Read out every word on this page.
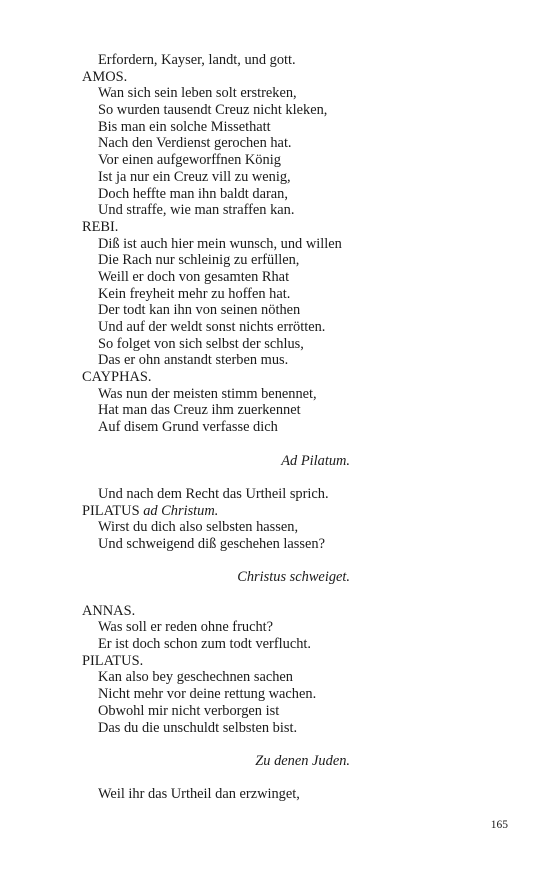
Erfordern, Kayser, landt, und gott.
AMOS.
Wan sich sein leben solt erstreken,
So wurden tausendt Creuz nicht kleken,
Bis man ein solche Missethatt
Nach den Verdienst gerochen hat.
Vor einen aufgeworffnen König
Ist ja nur ein Creuz vill zu wenig,
Doch heffte man ihn baldt daran,
Und straffe, wie man straffen kan.
REBI.
Diß ist auch hier mein wunsch, und willen
Die Rach nur schleinig zu erfüllen,
Weill er doch von gesamten Rhat
Kein freyheit mehr zu hoffen hat.
Der todt kan ihn von seinen nöthen
Und auf der weldt sonst nichts errötten.
So folget von sich selbst der schlus,
Das er ohn anstandt sterben mus.
CAYPHAS.
Was nun der meisten stimm benennet,
Hat man das Creuz ihm zuerkennet
Auf disem Grund verfasse dich
Ad Pilatum.
Und nach dem Recht das Urtheil sprich.
PILATUS ad Christum.
Wirst du dich also selbsten hassen,
Und schweigend diß geschehen lassen?
Christus schweiget.
ANNAS.
Was soll er reden ohne frucht?
Er ist doch schon zum todt verflucht.
PILATUS.
Kan also bey geschechnen sachen
Nicht mehr vor deine rettung wachen.
Obwohl mir nicht verborgen ist
Das du die unschuldt selbsten bist.
Zu denen Juden.
Weil ihr das Urtheil dan erzwinget,
165
